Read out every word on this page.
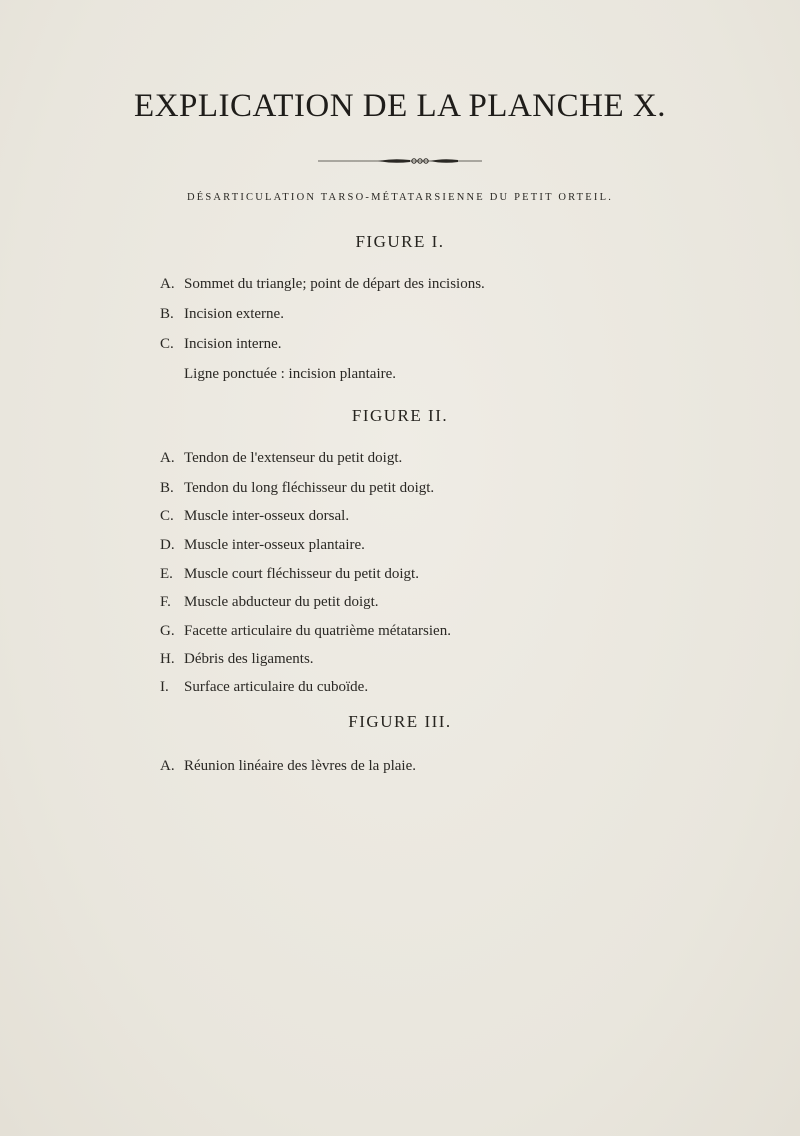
EXPLICATION DE LA PLANCHE X.
DÉSARTICULATION TARSO-MÉTATARSIENNE DU PETIT ORTEIL.
FIGURE I.
A. Sommet du triangle; point de départ des incisions.
B. Incision externe.
C. Incision interne.
Ligne ponctuée : incision plantaire.
FIGURE II.
A. Tendon de l'extenseur du petit doigt.
B. Tendon du long fléchisseur du petit doigt.
C. Muscle inter-osseux dorsal.
D. Muscle inter-osseux plantaire.
E. Muscle court fléchisseur du petit doigt.
F. Muscle abducteur du petit doigt.
G. Facette articulaire du quatrième métatarsien.
H. Débris des ligaments.
I. Surface articulaire du cuboïde.
FIGURE III.
A. Réunion linéaire des lèvres de la plaie.
